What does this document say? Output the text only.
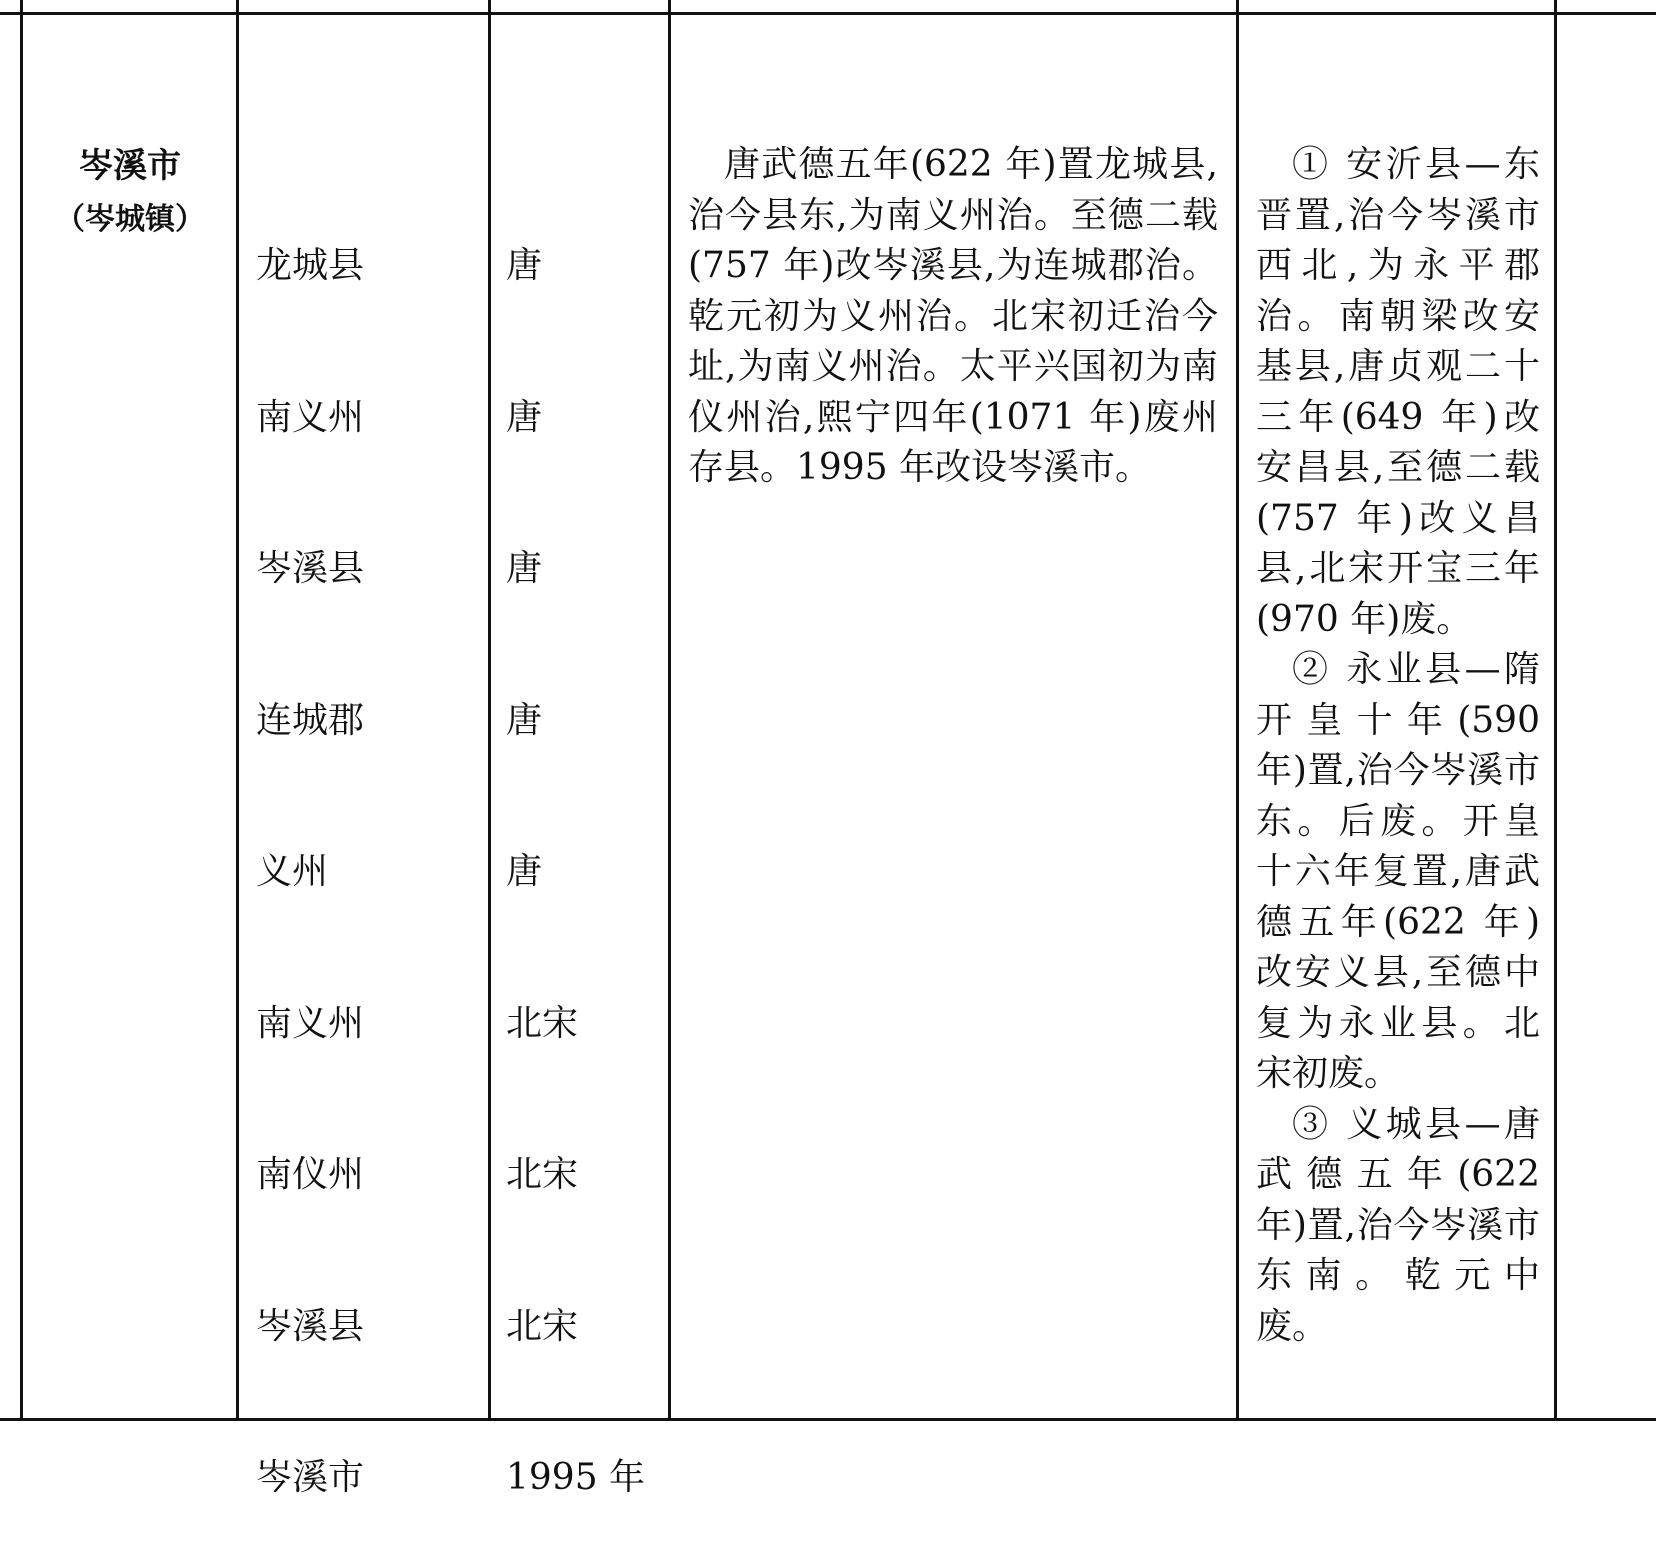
岑溪市
（岑城镇）

龙城县

南义州

岑溪县

连城郡

义州

南义州

南仪州

岑溪县

岑溪市

唐

唐

唐

唐

唐

北宋

北宋

北宋

1995 年

唐武德五年(622 年)置龙城县,治今县东,为南义州治。至德二载(757 年)改岑溪县,为连城郡治。乾元初为义州治。北宋初迁治今址,为南义州治。太平兴国初为南仪州治,熙宁四年(1071 年)废州存县。1995 年改设岑溪市。
① 安沂县—东晋置,治今岑溪市西北,为永平郡治。南朝梁改安基县,唐贞观二十三年(649 年)改安昌县,至德二载(757 年)改义昌县,北宋开宝三年(970 年)废。
② 永业县—隋开皇十年(590 年)置,治今岑溪市东。后废。开皇十六年复置,唐武德五年(622 年)改安义县,至德中复为永业县。北宋初废。
③ 义城县—唐武德五年(622 年)置,治今岑溪市东南。乾元中废。
